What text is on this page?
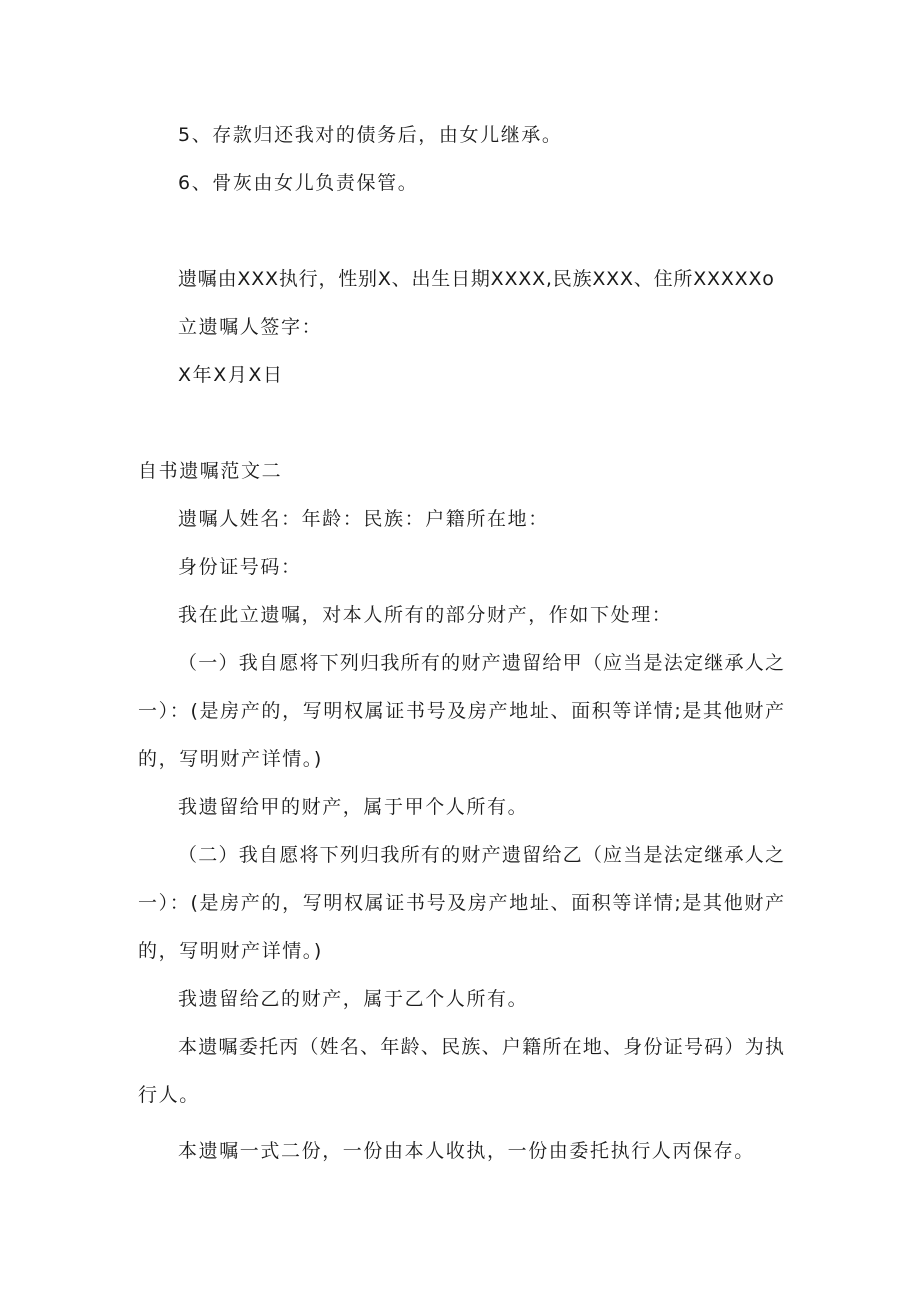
5、存款归还我对的债务后，由女儿继承。
6、骨灰由女儿负责保管。
遗嘱由XXX执行，性别X、出生日期XXXX,民族XXX、住所XXXXXo
立遗嘱人签字：
X年X月X日
自书遗嘱范文二
遗嘱人姓名：年龄：民族：户籍所在地：
身份证号码：
我在此立遗嘱，对本人所有的部分财产，作如下处理：
（一）我自愿将下列归我所有的财产遗留给甲（应当是法定继承人之
一）：(是房产的，写明权属证书号及房产地址、面积等详情;是其他财产
的，写明财产详情。)
我遗留给甲的财产，属于甲个人所有。
（二）我自愿将下列归我所有的财产遗留给乙（应当是法定继承人之
一）：(是房产的，写明权属证书号及房产地址、面积等详情;是其他财产
的，写明财产详情。)
我遗留给乙的财产，属于乙个人所有。
本遗嘱委托丙（姓名、年龄、民族、户籍所在地、身份证号码）为执
行人。
本遗嘱一式二份，一份由本人收执，一份由委托执行人丙保存。
